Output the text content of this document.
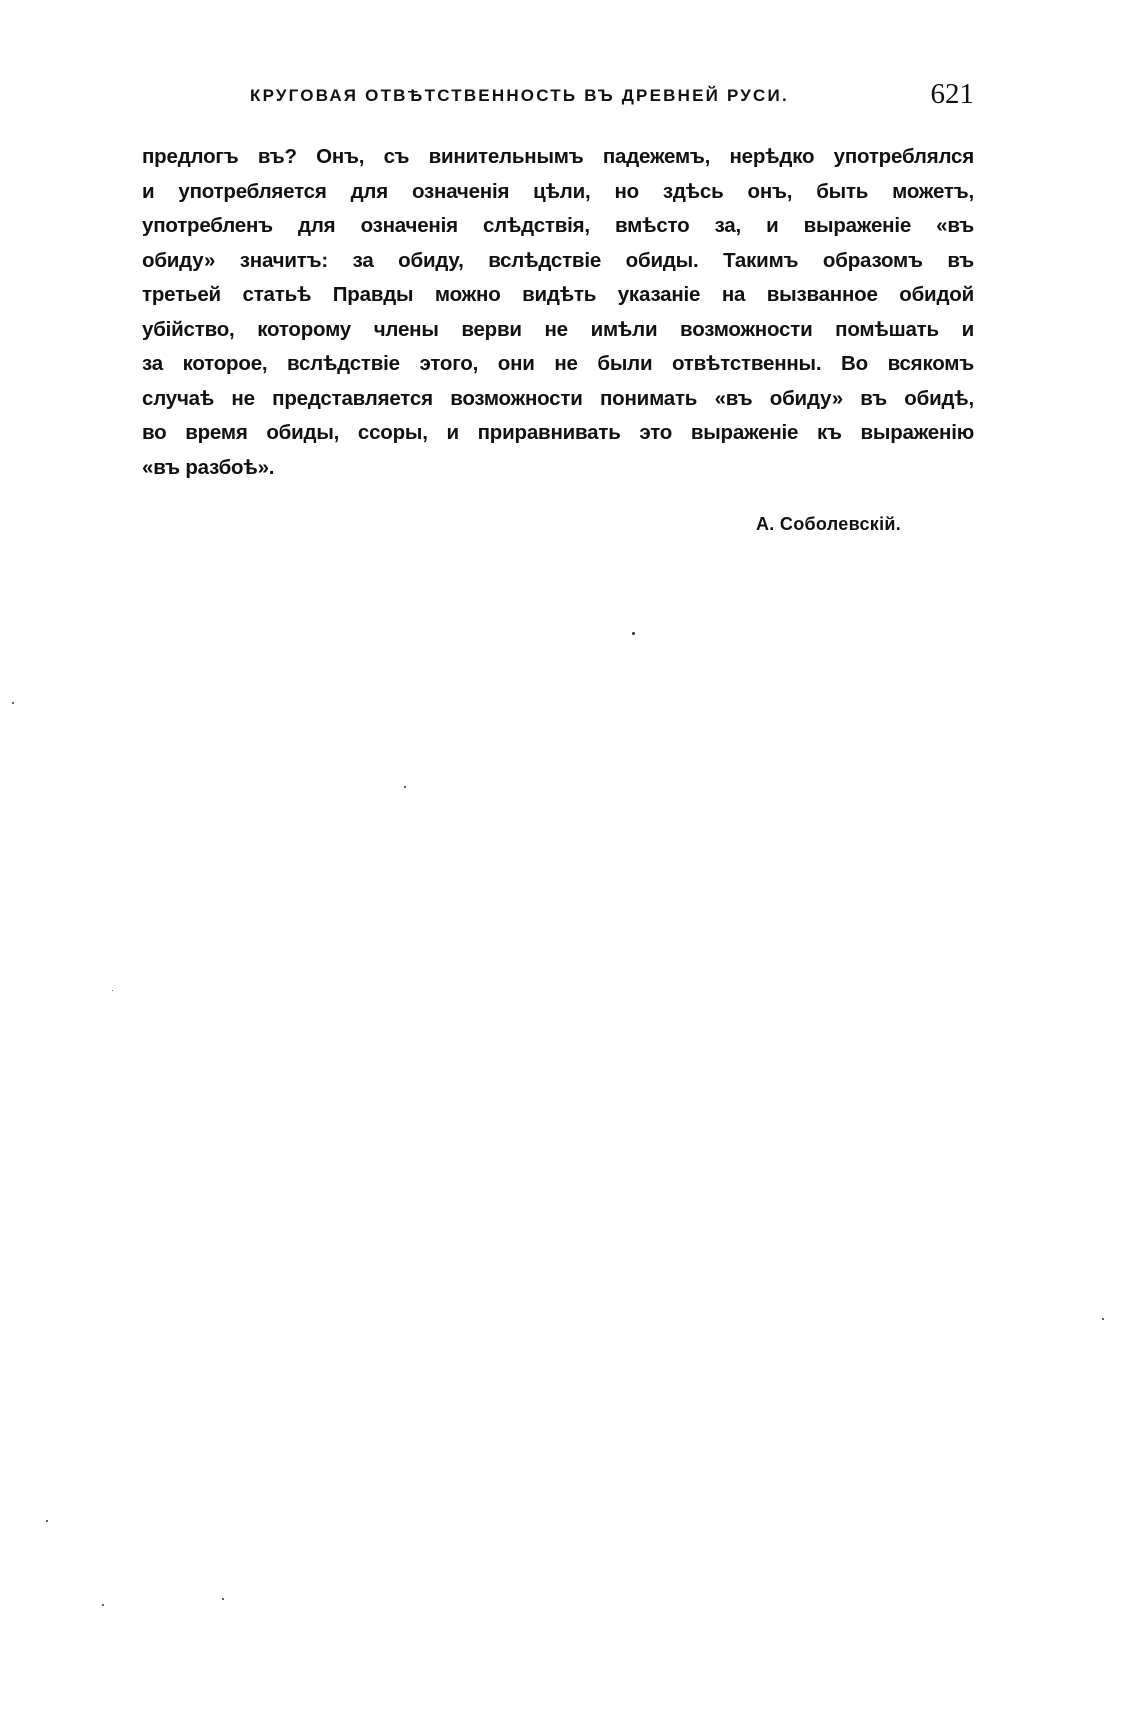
КРУГОВАЯ ОТВѢТСТВЕННОСТЬ ВЪ ДРЕВНЕЙ РУСИ.	621
предлогъ въ? Онъ, съ винительнымъ падежемъ, нерѣдко употреблялся
и употребляется для означенія цѣли, но здѣсь онъ, быть можетъ,
употребленъ для означенія слѣдствія, вмѣсто за, и выраженіе «въ
обиду» значитъ: за обиду, вслѣдствіе обиды. Такимъ образомъ въ
третьей статьѣ Правды можно видѣть указаніе на вызванное обидой
убійство, которому члены верви не имѣли возможности помѣшать и
за которое, вслѣдствіе этого, они не были отвѣтственны. Во всякомъ
случаѣ не представляется возможности понимать «въ обиду» въ обидѣ,
во время обиды, ссоры, и приравнивать это выраженіе къ выраженію
«въ разбоѣ».
А. Соболевскій.
